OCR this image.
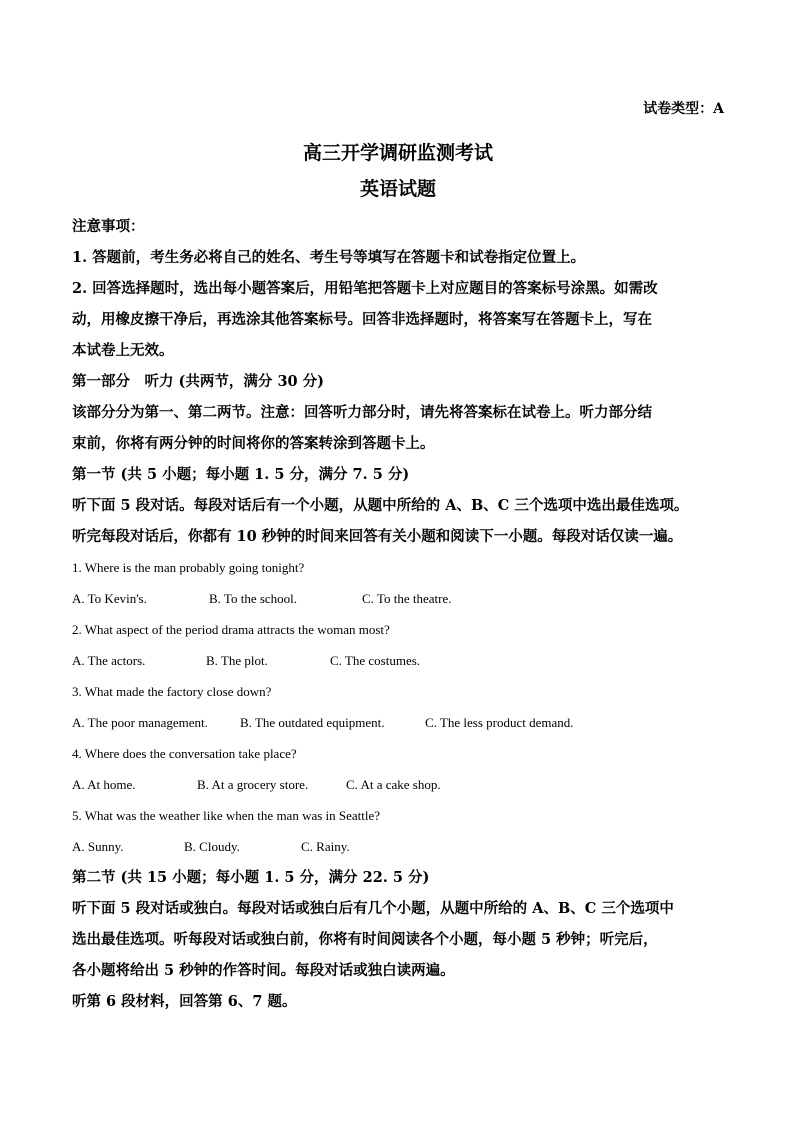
试卷类型：A
高三开学调研监测考试
英语试题
注意事项：
1. 答题前，考生务必将自己的姓名、考生号等填写在答题卡和试卷指定位置上。
2. 回答选择题时，选出每小题答案后，用铅笔把答题卡上对应题目的答案标号涂黑。如需改
动，用橡皮擦干净后，再选涂其他答案标号。回答非选择题时，将答案写在答题卡上，写在
本试卷上无效。
第一部分　听力 (共两节，满分 30 分)
该部分分为第一、第二两节。注意：回答听力部分时，请先将答案标在试卷上。听力部分结
束前，你将有两分钟的时间将你的答案转涂到答题卡上。
第一节 (共 5 小题；每小题 1. 5 分，满分 7. 5 分)
听下面 5 段对话。每段对话后有一个小题，从题中所给的 A、B、C 三个选项中选出最佳选项。
听完每段对话后，你都有 10 秒钟的时间来回答有关小题和阅读下一小题。每段对话仅读一遍。
1. Where is the man probably going tonight?
A. To Kevin's.	B. To the school.	C. To the theatre.
2. What aspect of the period drama attracts the woman most?
A. The actors.	B. The plot.	C. The costumes.
3. What made the factory close down?
A. The poor management.	B. The outdated equipment.	C. The less product demand.
4. Where does the conversation take place?
A. At home.	B. At a grocery store.	C. At a cake shop.
5. What was the weather like when the man was in Seattle?
A. Sunny.	B. Cloudy.	C. Rainy.
第二节 (共 15 小题；每小题 1. 5 分，满分 22. 5 分)
听下面 5 段对话或独白。每段对话或独白后有几个小题，从题中所给的 A、B、C 三个选项中
选出最佳选项。听每段对话或独白前，你将有时间阅读各个小题，每小题 5 秒钟；听完后，
各小题将给出 5 秒钟的作答时间。每段对话或独白读两遍。
听第 6 段材料，回答第 6、7 题。
